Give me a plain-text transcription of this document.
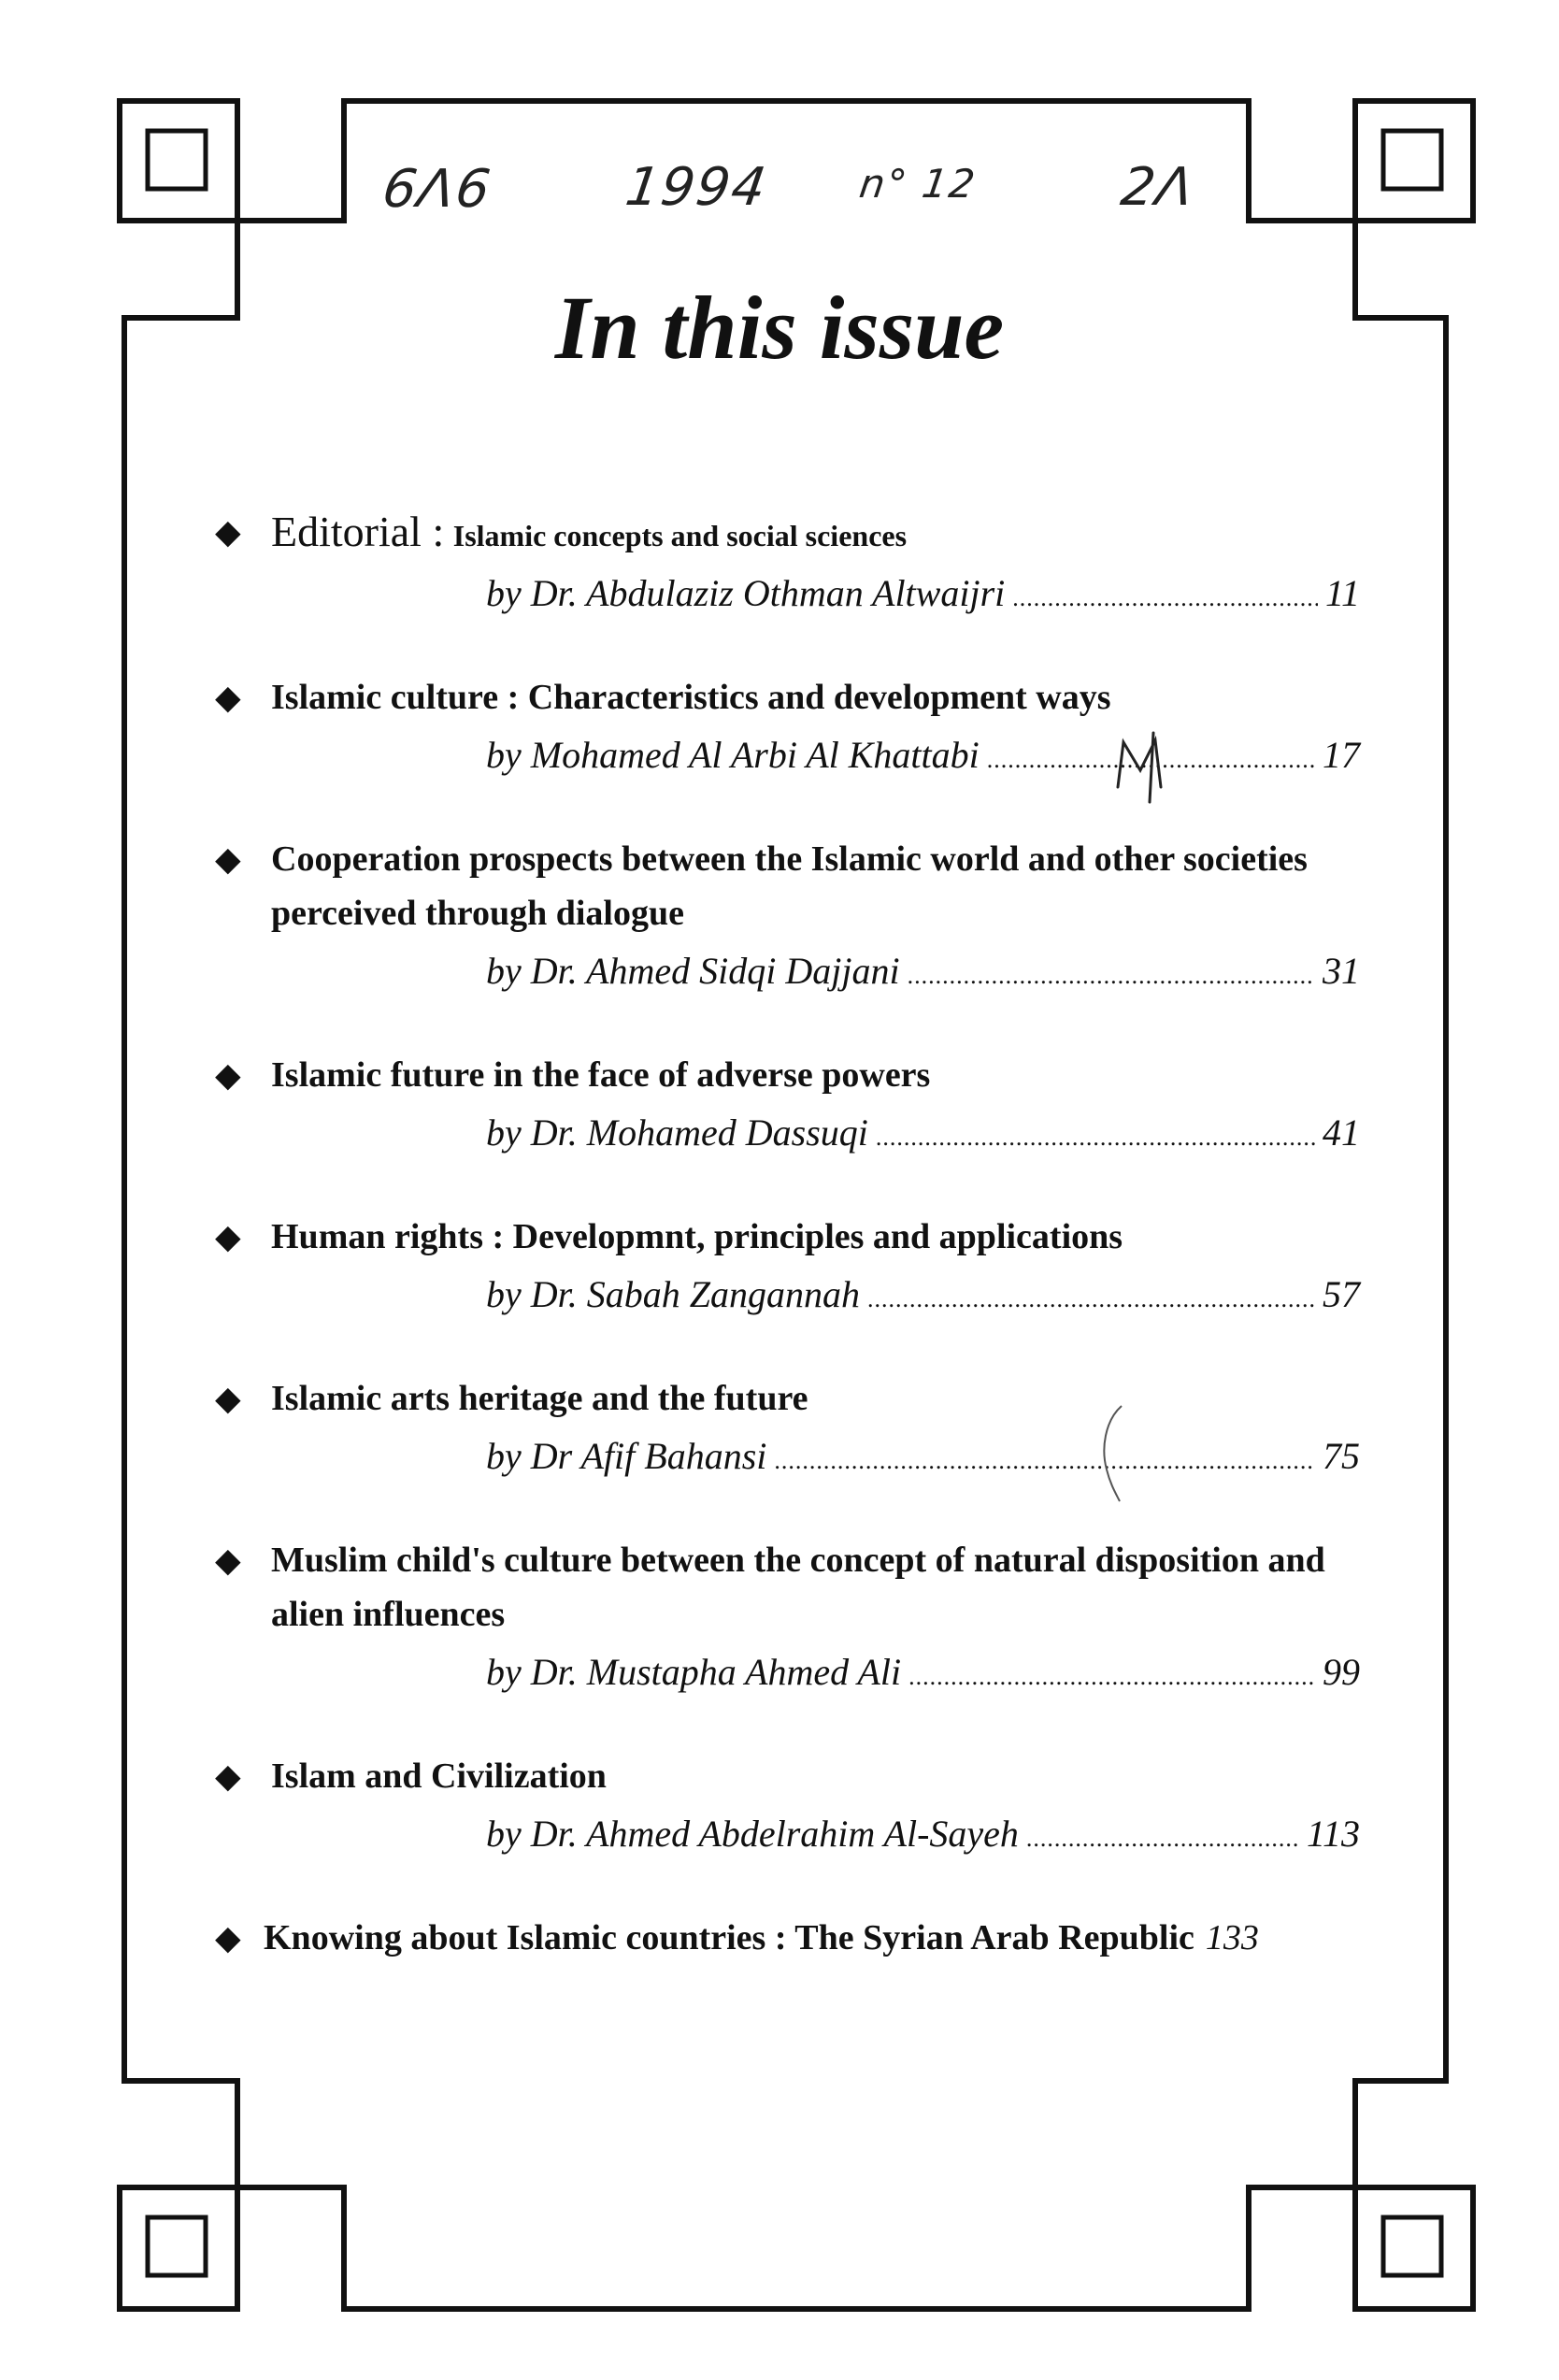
6Λ6 1994 n° 12	2Λ
In this issue
◆ Editorial : Islamic concepts and social sciences
by Dr. Abdulaziz Othman Altwaijri .....	11
◆ Islamic culture : Characteristics and development ways
by Mohamed Al Arbi Al Khattabi .....	17
◆ Cooperation prospects between the Islamic world and other societies perceived through dialogue
by Dr. Ahmed Sidqi Dajjani .....	31
◆ Islamic future in the face of adverse powers
by Dr. Mohamed Dassuqi .....	41
◆ Human rights : Developmnt, principles and applications
by Dr. Sabah Zangannah .....	57
◆ Islamic arts heritage and the future
by Dr Afif Bahansi .....	75
◆ Muslim child's culture between the concept of natural disposition and alien influences
by Dr. Mustapha Ahmed Ali .....	99
◆ Islam and Civilization
by Dr. Ahmed Abdelrahim Al-Sayeh .....	113
◆ Knowing about Islamic countries : The Syrian Arab Republic 133
